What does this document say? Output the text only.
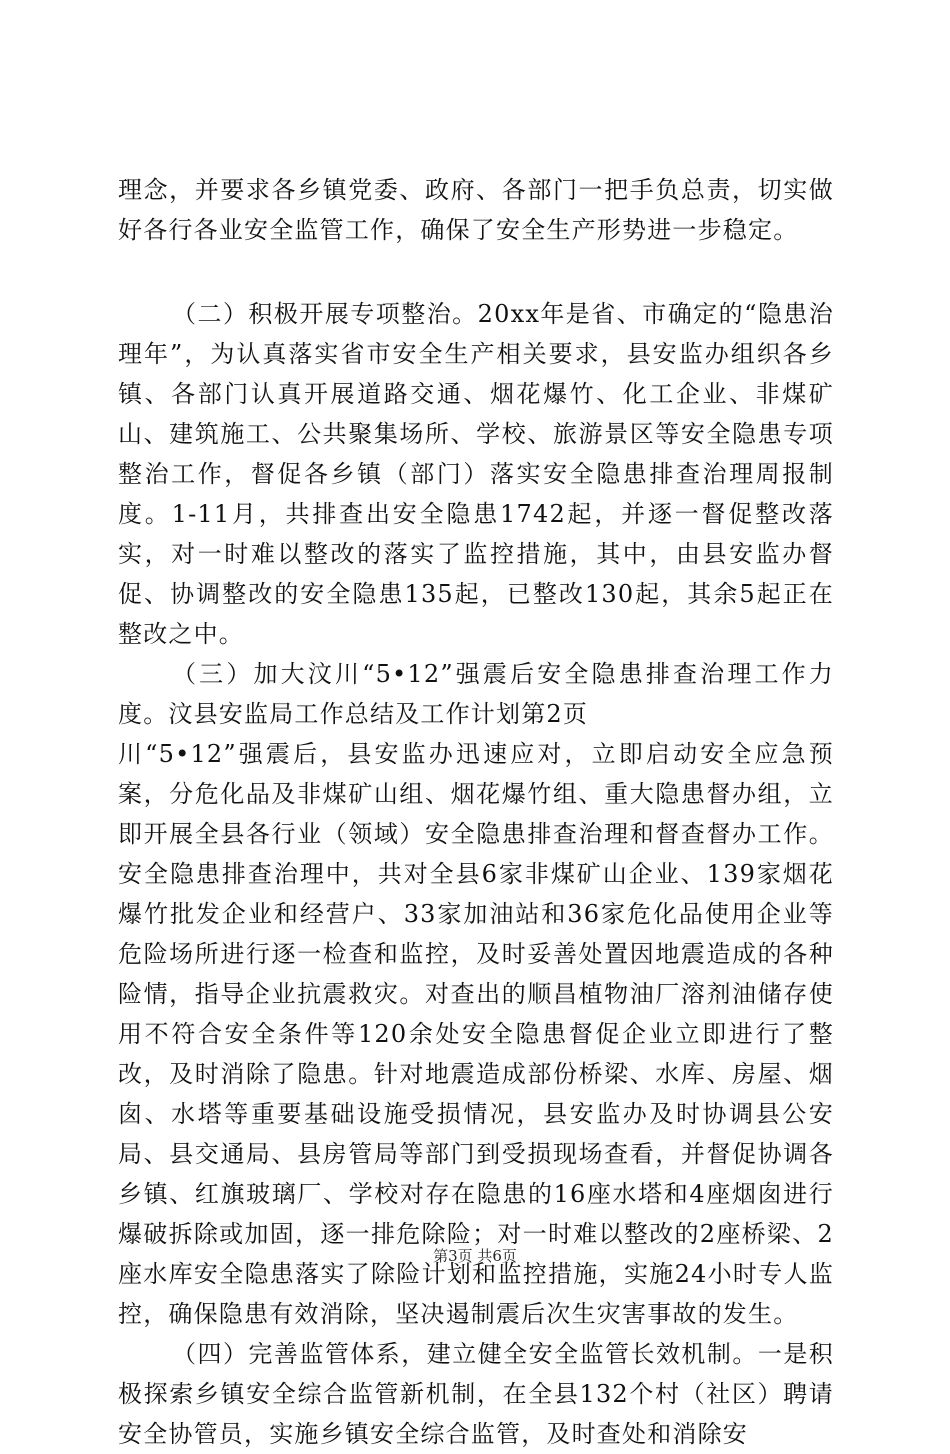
理念，并要求各乡镇党委、政府、各部门一把手负总责，切实做好各行各业安全监管工作，确保了安全生产形势进一步稳定。

（二）积极开展专项整治。20xx年是省、市确定的“隐患治理年”，为认真落实省市安全生产相关要求，县安监办组织各乡镇、各部门认真开展道路交通、烟花爆竹、化工企业、非煤矿山、建筑施工、公共聚集场所、学校、旅游景区等安全隐患专项整治工作，督促各乡镇（部门）落实安全隐患排查治理周报制度。1-11月，共排查出安全隐患1742起，并逐一督促整改落实，对一时难以整改的落实了监控措施，其中，由县安监办督促、协调整改的安全隐患135起，已整改130起，其余5起正在整改之中。

（三）加大汶川“5•12”强震后安全隐患排查治理工作力度。汶县安监局工作总结及工作计划第2页

川“5•12”强震后，县安监办迅速应对，立即启动安全应急预案，分危化品及非煤矿山组、烟花爆竹组、重大隐患督办组，立即开展全县各行业（领域）安全隐患排查治理和督查督办工作。安全隐患排查治理中，共对全县6家非煤矿山企业、139家烟花爆竹批发企业和经营户、33家加油站和36家危化品使用企业等危险场所进行逐一检查和监控，及时妥善处置因地震造成的各种险情，指导企业抗震救灾。对查出的顺昌植物油厂溶剂油储存使用不符合安全条件等120余处安全隐患督促企业立即进行了整改，及时消除了隐患。针对地震造成部份桥梁、水库、房屋、烟囱、水塔等重要基础设施受损情况，县安监办及时协调县公安局、县交通局、县房管局等部门到受损现场查看，并督促协调各乡镇、红旗玻璃厂、学校对存在隐患的16座水塔和4座烟囱进行爆破拆除或加固，逐一排危除险；对一时难以整改的2座桥梁、2座水库安全隐患落实了除险计划和监控措施，实施24小时专人监控，确保隐患有效消除，坚决遏制震后次生灾害事故的发生。

（四）完善监管体系，建立健全安全监管长效机制。一是积极探索乡镇安全综合监管新机制，在全县132个村（社区）聘请安全协管员，实施乡镇安全综合监管，及时查处和消除安

第3页 共6页
